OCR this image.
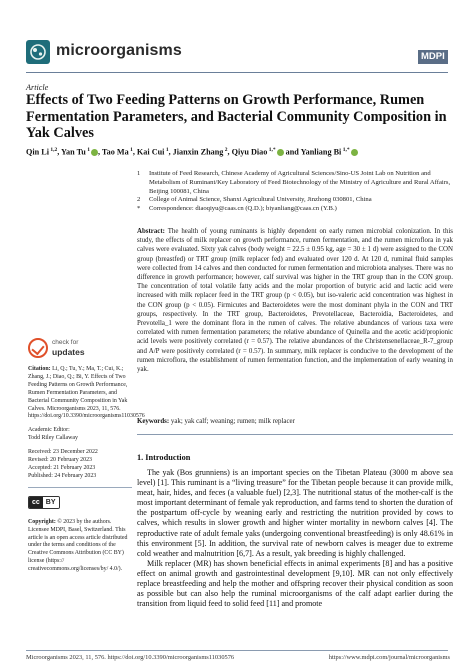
microorganisms	MDPI
Article
Effects of Two Feeding Patterns on Growth Performance, Rumen Fermentation Parameters, and Bacterial Community Composition in Yak Calves
Qin Li $^{1,2}$, Yan Tu $^1$ , Tao Ma $^1$, Kai Cui $^1$, Jianxin Zhang $^2$, Qiyu Diao $^{1,*}$ and Yanliang Bi $^{1,*}$
1	Institute of Feed Research, Chinese Academy of Agricultural Sciences/Sino-US Joint Lab on Nutrition and Metabolism of Ruminant/Key Laboratory of Feed Biotechnology of the Ministry of Agriculture and Rural Affairs, Beijing 100081, China
2	College of Animal Science, Shanxi Agricultural University, Jinzhong 030801, China
*	Correspondence: diaoqiyu@caas.cn (Q.D.); biyanliang@caas.cn (Y.B.)
Abstract: The health of young ruminants is highly dependent on early rumen microbial colonization. In this study, the effects of milk replacer on growth performance, rumen fermentation, and the rumen microflora in yak calves were evaluated. Sixty yak calves (body weight = 22.5 ± 0.95 kg, age = 30 ± 1 d) were assigned to the CON group (breastfed) or TRT group (milk replacer fed) and evaluated over 120 d. At 120 d, ruminal fluid samples were collected from 14 calves and then conducted for rumen fermentation and microbiota analyses. There was no difference in growth performance; however, calf survival was higher in the TRT group than in the CON group. The concentration of total volatile fatty acids and the molar proportion of butyric acid and lactic acid were increased with milk replacer feed in the TRT group (p < 0.05), but iso-valeric acid concentration was highest in the CON group (p < 0.05). Firmicutes and Bacteroidetes were the most dominant phyla in the CON and TRT groups, respectively. In the TRT group, Bacteroidetes, Prevotellaceae, Bacteroidia, Bacteroidetes, and Prevotella_1 were the dominant flora in the rumen of calves. The relative abundances of various taxa were correlated with rumen fermentation parameters; the relative abundance of Quinella and the acetic acid/propionic acid levels were positively correlated (r = 0.57). The relative abundances of the Christensenellaceae_R-7_group and A/P were positively correlated (r = 0.57). In summary, milk replacer is conducive to the development of the rumen microflora, the establishment of rumen fermentation function, and the implementation of early weaning in yak.
Keywords: yak; yak calf; weaning; rumen; milk replacer
check for
updates
Citation: Li, Q.; Tu, Y.; Ma, T.; Cui, K.; Zhang, J.; Diao, Q.; Bi, Y. Effects of Two Feeding Patterns on Growth Performance, Rumen Fermentation Parameters, and Bacterial Community Composition in Yak Calves. Microorganisms 2023, 11, 576. https://doi.org/10.3390/microorganisms11030576
Academic Editor:
Todd Riley Callaway
Received: 23 December 2022
Revised: 20 February 2023
Accepted: 21 February 2023
Published: 24 February 2023
cc BY
Copyright: © 2023 by the authors. Licensee MDPI, Basel, Switzerland. This article is an open access article distributed under the terms and conditions of the Creative Commons Attribution (CC BY) license (https:// creativecommons.org/licenses/by/ 4.0/).
1. Introduction

The yak (Bos grunniens) is an important species on the Tibetan Plateau (3000 m above sea level) [1]. This ruminant is a “living treasure” for the Tibetan people because it can provide milk, meat, hair, hides, and feces (a valuable fuel) [2,3]. The nutritional status of the mother-calf is the most important determinant of female yak reproduction, and farms tend to shorten the duration of the postpartum off-cycle by weaning early and restricting the nutrition provided by cows to calves, which results in slower growth and higher winter mortality in newborn calves [4]. The reproductive rate of adult female yaks (undergoing conventional breastfeeding) is only 48.61% in this environment [5]. In addition, the survival rate of newborn calves is meager due to extreme cold weather and malnutrition [6,7]. As a result, yak breeding is highly challenged.

Milk replacer (MR) has shown beneficial effects in animal experiments [8] and has a positive effect on animal growth and gastrointestinal development [9,10]. MR can not only effectively replace breastfeeding and help the mother and offspring recover their physical condition as soon as possible but can also help the ruminal microorganisms of the calf adapt earlier during the transition from liquid feed to solid feed [11] and promote

Microorganisms 2023, 11, 576. https://doi.org/10.3390/microorganisms11030576	https://www.mdpi.com/journal/microorganisms
